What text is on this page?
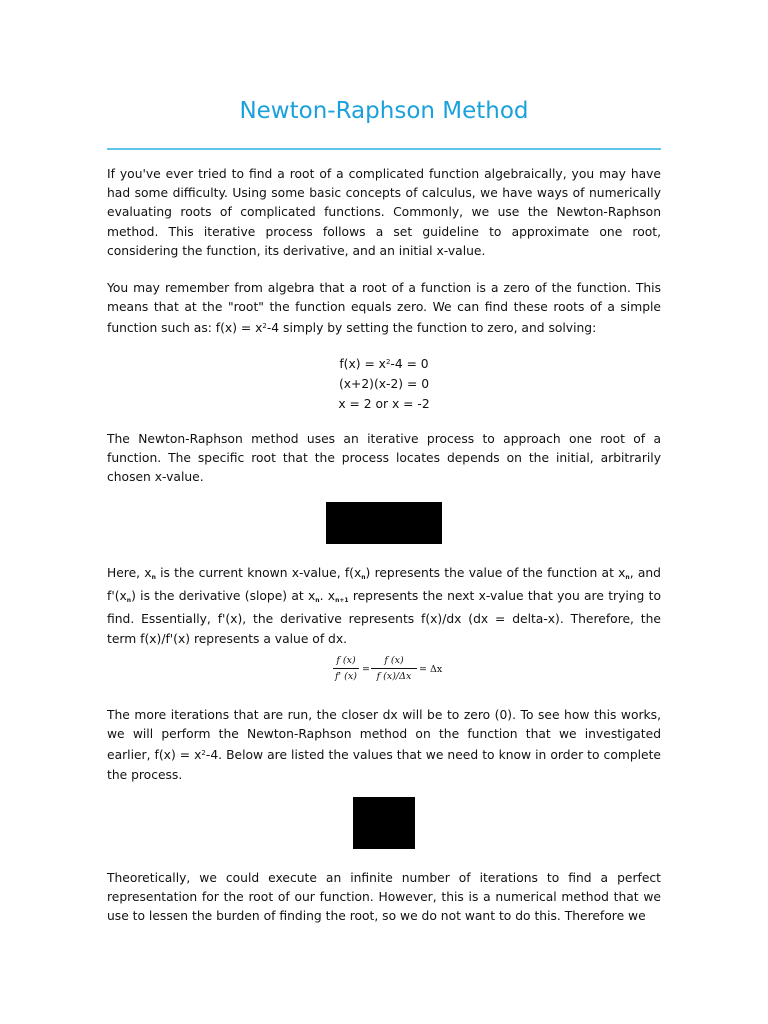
Newton-Raphson Method

If you've ever tried to find a root of a complicated function algebraically, you may have had some difficulty. Using some basic concepts of calculus, we have ways of numerically evaluating roots of complicated functions. Commonly, we use the Newton-Raphson method. This iterative process follows a set guideline to approximate one root, considering the function, its derivative, and an initial x-value.

You may remember from algebra that a root of a function is a zero of the function. This means that at the "root" the function equals zero. We can find these roots of a simple function such as: $f(x) = x^2-4$ simply by setting the function to zero, and solving:

$f(x) = x^2-4 = 0$
(x+2)(x-2) = 0
x = 2 or x = -2

The Newton-Raphson method uses an iterative process to approach one root of a function. The specific root that the process locates depends on the initial, arbitrarily chosen x-value.

Here, $x_n$ is the current known x-value, $f(x_n)$ represents the value of the function at $x_n$, and $f'(x_n)$ is the derivative (slope) at $x_n$. $x_{n+1}$ represents the next x-value that you are trying to find. Essentially, f'(x), the derivative represents f(x)/dx (dx = delta-x). Therefore, the term f(x)/f'(x) represents a value of dx.

$\frac{f (x)}{f' (x)} = \frac{f (x)}{f (x)/\Delta x} = \Delta x$

The more iterations that are run, the closer dx will be to zero (0). To see how this works, we will perform the Newton-Raphson method on the function that we investigated earlier, $f(x) = x^2-4$. Below are listed the values that we need to know in order to complete the process.

Theoretically, we could execute an infinite number of iterations to find a perfect representation for the root of our function. However, this is a numerical method that we use to lessen the burden of finding the root, so we do not want to do this. Therefore we
